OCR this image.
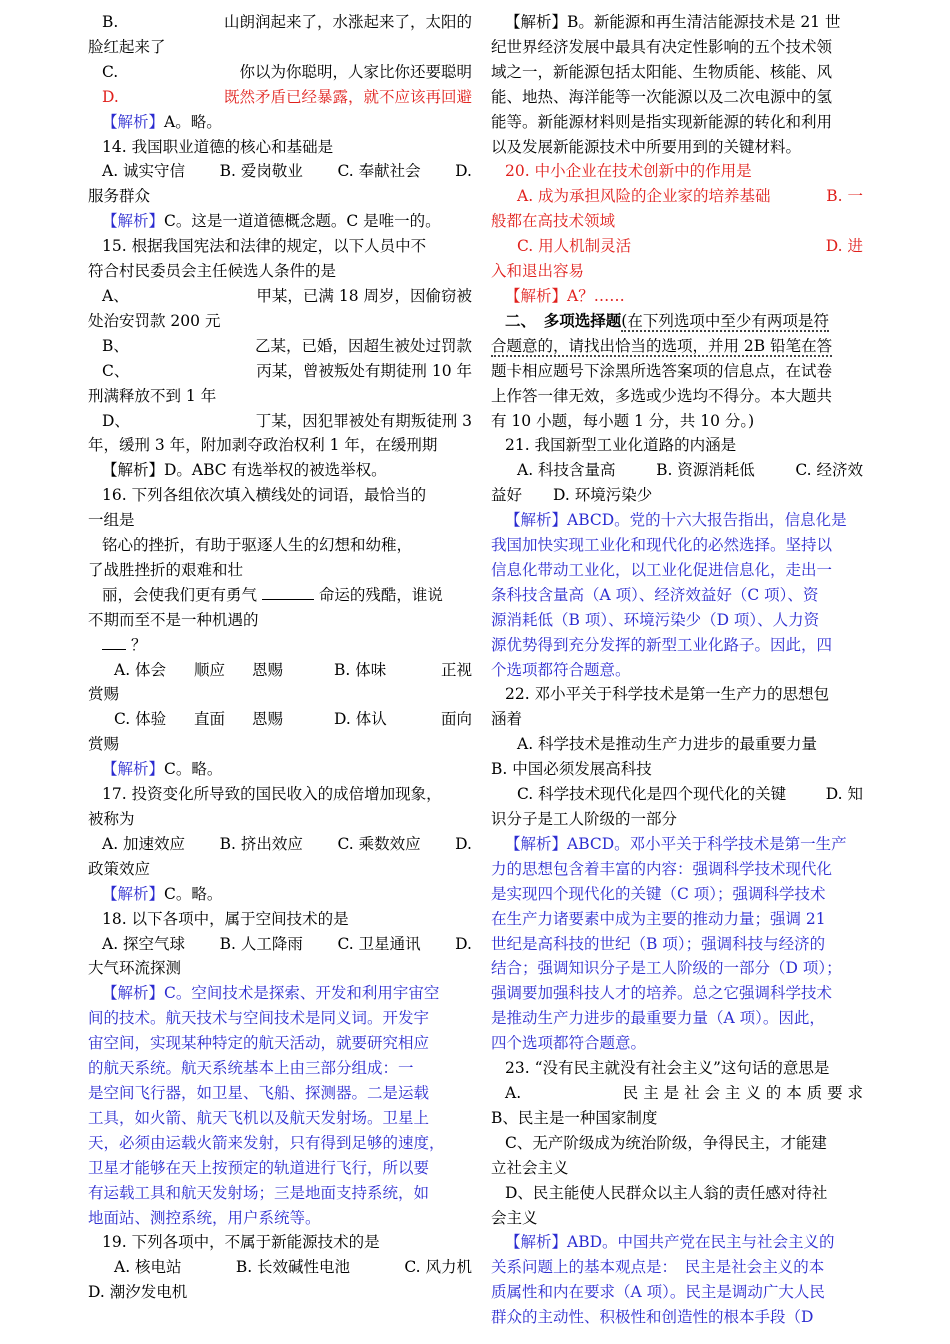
B.	山朗润起来了，水涨起来了，太阳的

脸红起来了

C.	你以为你聪明，人家比你还要聪明

D.	既然矛盾已经暴露，就不应该再回避

【解析】A。略。

14. 我国职业道德的核心和基础是

A. 诚实守信	B. 爱岗敬业	C. 奉献社会	D.

服务群众

【解析】C。这是一道道德概念题。C 是唯一的。

15. 根据我国宪法和法律的规定，以下人员中不

符合村民委员会主任候选人条件的是

A、	甲某，已满 18 周岁，因偷窃被

处治安罚款 200 元

B、	乙某，已婚，因超生被处过罚款

C、	丙某，曾被叛处有期徒刑 10 年

刑满释放不到 1 年

D、	丁某，因犯罪被处有期叛徒刑 3

年，缓刑 3 年，附加剥夺政治权利 1 年，在缓刑期

【解析】D。ABC 有选举权的被选举权。

16. 下列各组依次填入横线处的词语，最恰当的

一组是

铭心的挫折，有助于驱逐人生的幻想和幼稚，

了战胜挫折的艰难和壮

丽，会使我们更有勇气	命运的残酷，谁说

不期而至不是一种机遇的

？

A. 体会	顺应	恩赐	B. 体味	正视

赏赐

C. 体验	直面	恩赐	D. 体认	面向

赏赐

【解析】C。略。

17. 投资变化所导致的国民收入的成倍增加现象，

被称为

A. 加速效应	B. 挤出效应	C. 乘数效应	D.

政策效应

【解析】C。略。

18. 以下各项中，属于空间技术的是

A. 探空气球	B. 人工降雨	C. 卫星通讯	D.

大气环流探测

【解析】C。空间技术是探索、开发和利用宇宙空

间的技术。航天技术与空间技术是同义词。开发宇

宙空间，实现某种特定的航天活动，就要研究相应

的航天系统。航天系统基本上由三部分组成：一

是空间飞行器，如卫星、飞船、探测器。二是运载

工具，如火箭、航天飞机以及航天发射场。卫星上

天，必须由运载火箭来发射，只有得到足够的速度，

卫星才能够在天上按预定的轨道进行飞行，所以要

有运载工具和航天发射场；三是地面支持系统，如

地面站、测控系统，用户系统等。

19. 下列各项中，不属于新能源技术的是

A. 核电站	B. 长效碱性电池	C. 风力机

D. 潮汐发电机

【解析】B。新能源和再生清洁能源技术是 21 世

纪世界经济发展中最具有决定性影响的五个技术领

域之一，新能源包括太阳能、生物质能、核能、风

能、地热、海洋能等一次能源以及二次电源中的氢

能等。新能源材料则是指实现新能源的转化和利用

以及发展新能源技术中所要用到的关键材料。

20. 中小企业在技术创新中的作用是

A. 成为承担风险的企业家的培养基础	B. 一

般都在高技术领域

C. 用人机制灵活	D. 进

入和退出容易

【解析】A？……

二、　 多项选择题(在下列选项中至少有两项是符

合题意的，请找出恰当的选项，并用 2B 铅笔在答

题卡相应题号下涂黑所选答案项的信息点，在试卷

上作答一律无效，多选或少选均不得分。本大题共

有 10 小题，每小题 1 分，共 10 分。)

21. 我国新型工业化道路的内涵是

A. 科技含量高	B. 资源消耗低	C. 经济效

益好　　D. 环境污染少

【解析】ABCD。党的十六大报告指出，信息化是

我国加快实现工业化和现代化的必然选择。坚持以

信息化带动工业化，以工业化促进信息化，走出一

条科技含量高（A 项）、经济效益好（C 项）、资

源消耗低（B 项）、环境污染少（D 项）、人力资

源优势得到充分发挥的新型工业化路子。因此，四

个选项都符合题意。

22. 邓小平关于科学技术是第一生产力的思想包

涵着

A. 科学技术是推动生产力进步的最重要力量

B. 中国必须发展高科技

C. 科学技术现代化是四个现代化的关键	D. 知

识分子是工人阶级的一部分

【解析】ABCD。邓小平关于科学技术是第一生产

力的思想包含着丰富的内容：强调科学技术现代化

是实现四个现代化的关键（C 项）；强调科学技术

在生产力诸要素中成为主要的推动力量；强调 21

世纪是高科技的世纪（B 项）；强调科技与经济的

结合；强调知识分子是工人阶级的一部分（D 项）；

强调要加强科技人才的培养。总之它强调科学技术

是推动生产力进步的最重要力量（A 项）。因此，

四个选项都符合题意。

23. “没有民主就没有社会主义”这句话的意思是

A.	民 主 是 社 会 主 义 的 本 质 要 求

B、民主是一种国家制度

C、无产阶级成为统治阶级，争得民主，才能建

立社会主义

D、民主能使人民群众以主人翁的责任感对待社

会主义

【解析】ABD。中国共产党在民主与社会主义的

关系问题上的基本观点是：　民主是社会主义的本

质属性和内在要求（A 项）。民主是调动广大人民

群众的主动性、积极性和创造性的根本手段（D
